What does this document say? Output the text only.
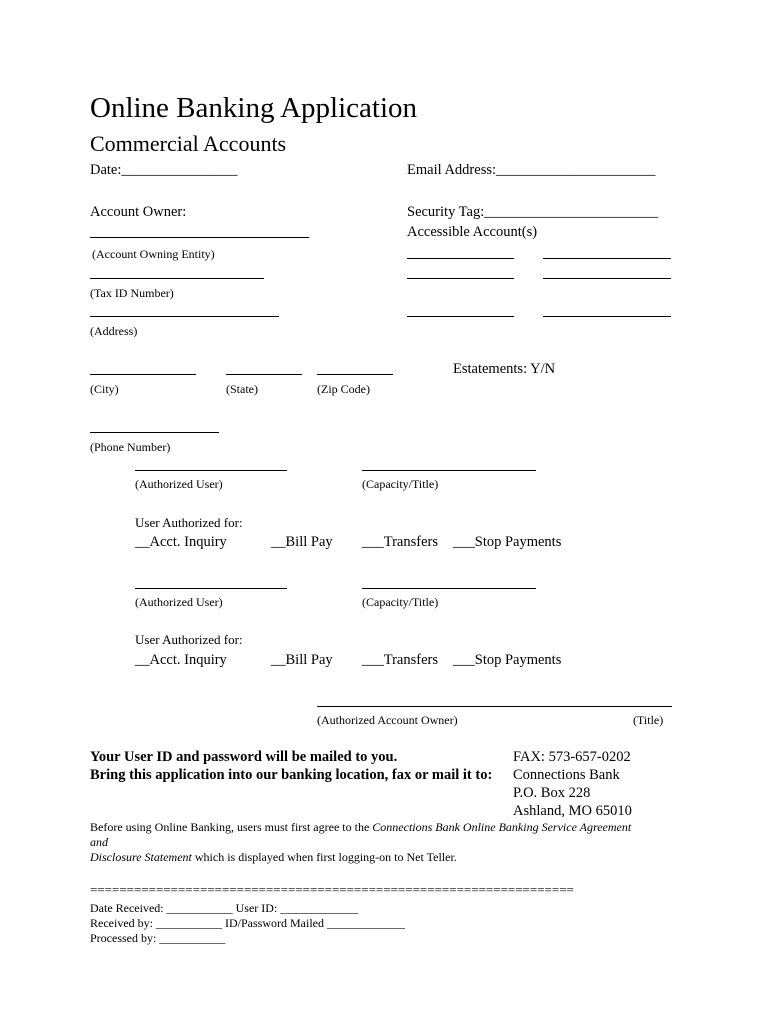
Online Banking Application
Commercial Accounts
Date:________________	Email Address:______________________
Account Owner:	Security Tag:________________________
Accessible Account(s)
(Account Owning Entity)
(Tax ID Number)
(Address)
Estatements: Y/N
(City)	(State)	(Zip Code)
(Phone Number)
(Authorized User)	(Capacity/Title)
User Authorized for:
__Acct. Inquiry	__Bill Pay ___Transfers ___Stop Payments
(Authorized User)	(Capacity/Title)
User Authorized for:
__Acct. Inquiry	__Bill Pay ___Transfers ___Stop Payments
(Authorized Account Owner)	(Title)
Your User ID and password will be mailed to you.
Bring this application into our banking location, fax or mail it to:
FAX: 573-657-0202
Connections Bank
P.O. Box 228
Ashland, MO 65010
Before using Online Banking, users must first agree to the Connections Bank Online Banking Service Agreement
and
Disclosure Statement which is displayed when first logging-on to Net Teller.
==================================================================
Date Received: ___________ User ID: _____________
Received by: ___________ ID/Password Mailed _____________
Processed by: ___________
